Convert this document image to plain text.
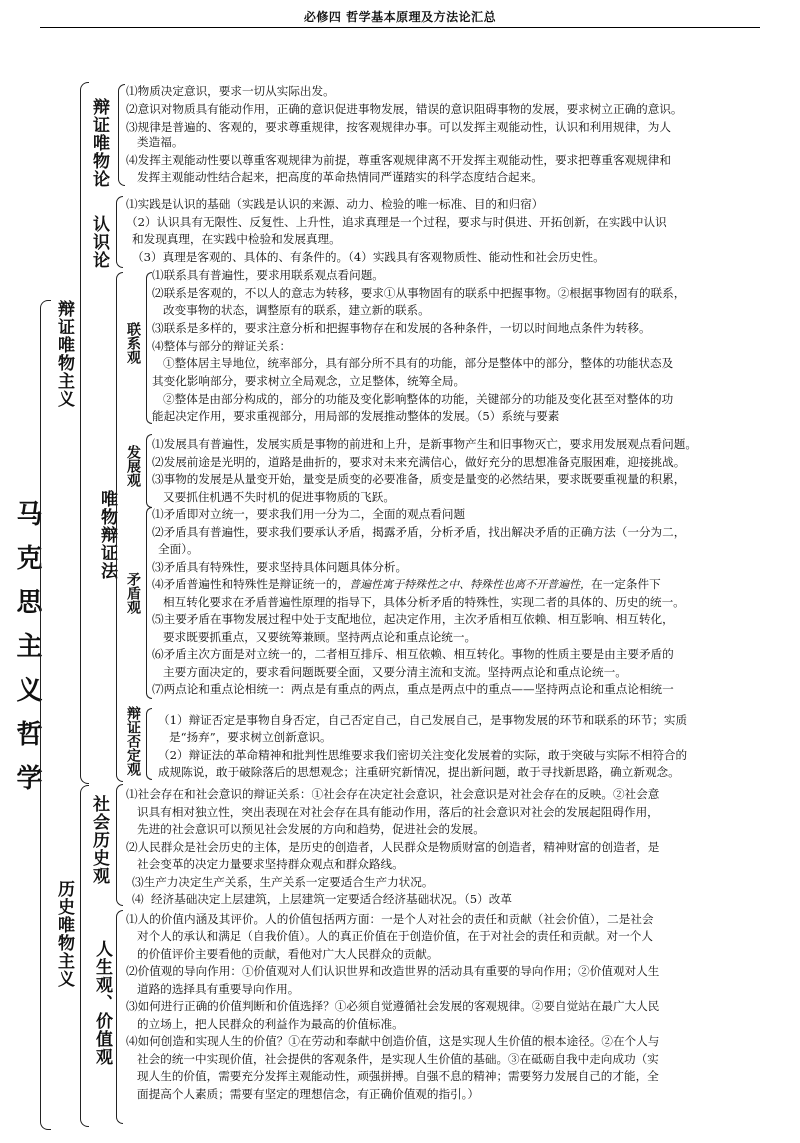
必修四 哲学基本原理及方法论汇总
马克思主义哲学
辩证唯物主义
历史唯物主义
辩证唯物论
认识论
唯物辩证法
社会历史观
人生观、价值观
联系观
发展观
矛盾观
辩证否定观
⑴物质决定意识，要求一切从实际出发。
⑵意识对物质具有能动作用，正确的意识促进事物发展，错误的意识阻碍事物的发展，要求树立正确的意识。
⑶规律是普遍的、客观的，要求尊重规律，按客观规律办事。可以发挥主观能动性，认识和利用规律，为人
类造福。
⑷发挥主观能动性要以尊重客观规律为前提，尊重客观规律离不开发挥主观能动性，要求把尊重客观规律和
发挥主观能动性结合起来，把高度的革命热情同严谨踏实的科学态度结合起来。
⑴实践是认识的基础（实践是认识的来源、动力、检验的唯一标准、目的和归宿）
（2）认识具有无限性、反复性、上升性，追求真理是一个过程，要求与时俱进、开拓创新，在实践中认识
和发现真理，在实践中检验和发展真理。
（3）真理是客观的、具体的、有条件的。（4）实践具有客观物质性、能动性和社会历史性。
⑴联系具有普遍性，要求用联系观点看问题。
⑵联系是客观的，不以人的意志为转移，要求①从事物固有的联系中把握事物。②根据事物固有的联系，
改变事物的状态，调整原有的联系，建立新的联系。
⑶联系是多样的，要求注意分析和把握事物存在和发展的各种条件，一切以时间地点条件为转移。
⑷整体与部分的辩证关系：
①整体居主导地位，统率部分，具有部分所不具有的功能，部分是整体中的部分，整体的功能状态及
其变化影响部分，要求树立全局观念，立足整体，统筹全局。
②整体是由部分构成的，部分的功能及变化影响整体的功能，关键部分的功能及变化甚至对整体的功
能起决定作用，要求重视部分，用局部的发展推动整体的发展。（5）系统与要素
⑴发展具有普遍性，发展实质是事物的前进和上升，是新事物产生和旧事物灭亡，要求用发展观点看问题。
⑵发展前途是光明的，道路是曲折的，要求对未来充满信心，做好充分的思想准备克服困难，迎接挑战。
⑶事物的发展是从量变开始，量变是质变的必要准备，质变是量变的必然结果，要求既要重视量的积累，
又要抓住机遇不失时机的促进事物质的飞跃。
⑴矛盾即对立统一，要求我们用一分为二，全面的观点看问题
⑵矛盾具有普遍性，要求我们要承认矛盾，揭露矛盾，分析矛盾，找出解决矛盾的正确方法（一分为二，
全面）。
⑶矛盾具有特殊性，要求坚持具体问题具体分析。
⑷矛盾普遍性和特殊性是辩证统一的，普遍性寓于特殊性之中、特殊性也离不开普遍性，在一定条件下
相互转化要求在矛盾普遍性原理的指导下，具体分析矛盾的特殊性，实现二者的具体的、历史的统一。
⑸主要矛盾在事物发展过程中处于支配地位，起决定作用，主次矛盾相互依赖、相互影响、相互转化，
要求既要抓重点，又要统筹兼顾。坚持两点论和重点论统一。
⑹矛盾主次方面是对立统一的，二者相互排斥、相互依赖、相互转化。事物的性质主要是由主要矛盾的
主要方面决定的，要求看问题既要全面，又要分清主流和支流。坚持两点论和重点论统一。
⑺两点论和重点论相统一：两点是有重点的两点，重点是两点中的重点——坚持两点论和重点论相统一
（1）辩证否定是事物自身否定，自己否定自己，自己发展自己，是事物发展的环节和联系的环节；实质
是“扬弃”，要求树立创新意识。
（2）辩证法的革命精神和批判性思维要求我们密切关注变化发展着的实际，敢于突破与实际不相符合的
成规陈说，敢于破除落后的思想观念；注重研究新情况，提出新问题，敢于寻找新思路，确立新观念。
⑴社会存在和社会意识的辩证关系：①社会存在决定社会意识，社会意识是对社会存在的反映。②社会意
识具有相对独立性，突出表现在对社会存在具有能动作用，落后的社会意识对社会的发展起阻碍作用，
先进的社会意识可以预见社会发展的方向和趋势，促进社会的发展。
⑵人民群众是社会历史的主体，是历史的创造者，人民群众是物质财富的创造者，精神财富的创造者，是
社会变革的决定力量要求坚持群众观点和群众路线。
⑶生产力决定生产关系，生产关系一定要适合生产力状况。
⑷  经济基础决定上层建筑，上层建筑一定要适合经济基础状况。（5）改革
⑴人的价值内涵及其评价。人的价值包括两方面：一是个人对社会的责任和贡献（社会价值），二是社会
对个人的承认和满足（自我价值）。人的真正价值在于创造价值，在于对社会的责任和贡献。对一个人
的价值评价主要看他的贡献，看他对广大人民群众的贡献。
⑵价值观的导向作用：①价值观对人们认识世界和改造世界的活动具有重要的导向作用；②价值观对人生
道路的选择具有重要导向作用。
⑶如何进行正确的价值判断和价值选择？①必须自觉遵循社会发展的客观规律。②要自觉站在最广大人民
的立场上，把人民群众的利益作为最高的价值标准。
⑷如何创造和实现人生的价值？①在劳动和奉献中创造价值，这是实现人生价值的根本途径。②在个人与
社会的统一中实现价值，社会提供的客观条件，是实现人生价值的基础。③在砥砺自我中走向成功（实
现人生的价值，需要充分发挥主观能动性，顽强拼搏。自强不息的精神；需要努力发展自己的才能，全
面提高个人素质；需要有坚定的理想信念，有正确价值观的指引。）
